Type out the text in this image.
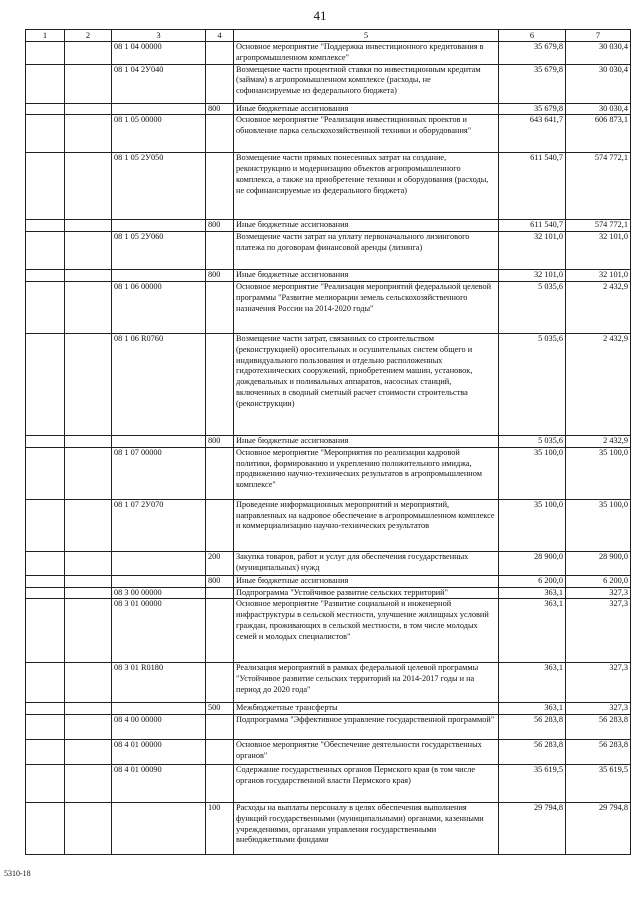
41
1	2	3	4	5	6	7
		08 1 04 00000		Основное мероприятие "Поддержка инвестиционного кредитования в агропромышленном комплексе"	35 679,8	30 030,4
		08 1 04 2У040		Возмещение части процентной ставки по инвестиционным кредитам (займам) в агропромышленном комплексе (расходы, не софинансируемые из федерального бюджета)	35 679,8	30 030,4
			800	Иные бюджетные ассигнования	35 679,8	30 030,4
		08 1 05 00000		Основное мероприятие "Реализация инвестиционных проектов и обновление парка сельскохозяйственной техники и оборудования"	643 641,7	606 873,1
		08 1 05 2У050		Возмещение части прямых понесенных затрат на создание, реконструкцию и модернизацию объектов агропромышленного комплекса, а также на приобретение техники и оборудования (расходы, не софинансируемые из федерального бюджета)	611 540,7	574 772,1
			800	Иные бюджетные ассигнования	611 540,7	574 772,1
		08 1 05 2У060		Возмещение части затрат на уплату первоначального лизингового платежа по договорам финансовой аренды (лизинга)	32 101,0	32 101,0
			800	Иные бюджетные ассигнования	32 101,0	32 101,0
		08 1 06 00000		Основное мероприятие "Реализация мероприятий федеральной целевой программы "Развитие мелиорации земель сельскохозяйственного назначения России на 2014-2020 годы"	5 035,6	2 432,9
		08 1 06 R0760		Возмещение части затрат, связанных со строительством (реконструкцией) оросительных и осушительных систем общего и индивидуального пользования и отдельно расположенных гидротехнических сооружений, приобретением машин, установок, дождевальных и поливальных аппаратов, насосных станций, включенных в сводный сметный расчет стоимости строительства (реконструкции)	5 035,6	2 432,9
			800	Иные бюджетные ассигнования	5 035,6	2 432,9
		08 1 07 00000		Основное мероприятие "Мероприятия по реализации кадровой политики, формированию и укреплению положительного имиджа, продвижению научно-технических результатов в агропромышленном комплексе"	35 100,0	35 100,0
		08 1 07 2У070		Проведение информационных мероприятий и мероприятий, направленных на кадровое обеспечение в агропромышленном комплексе и коммерциализацию научно-технических результатов	35 100,0	35 100,0
			200	Закупка товаров, работ и услуг для обеспечения государственных (муниципальных) нужд	28 900,0	28 900,0
			800	Иные бюджетные ассигнования	6 200,0	6 200,0
		08 3 00 00000		Подпрограмма "Устойчивое развитие сельских территорий"	363,1	327,3
		08 3 01 00000		Основное мероприятие "Развитие социальной и инженерной инфраструктуры в сельской местности, улучшение жилищных условий граждан, проживающих в сельской местности, в том числе молодых семей и молодых специалистов"	363,1	327,3
		08 3 01 R0180		Реализация мероприятий в рамках федеральной целевой программы "Устойчивое развитие сельских территорий на 2014-2017 годы и на период до 2020 года"	363,1	327,3
			500	Межбюджетные трансферты	363,1	327,3
		08 4 00 00000		Подпрограмма "Эффективное управление государственной программой"	56 283,8	56 283,8
		08 4 01 00000		Основное мероприятие "Обеспечение деятельности государственных органов"	56 283,8	56 283,8
		08 4 01 00090		Содержание государственных органов Пермского края (в том числе органов государственной власти Пермского края)	35 619,5	35 619,5
			100	Расходы на выплаты персоналу в целях обеспечения выполнения функций государственными (муниципальными) органами, казенными учреждениями, органами управления государственными внебюджетными фондами	29 794,8	29 794,8
5310-18
